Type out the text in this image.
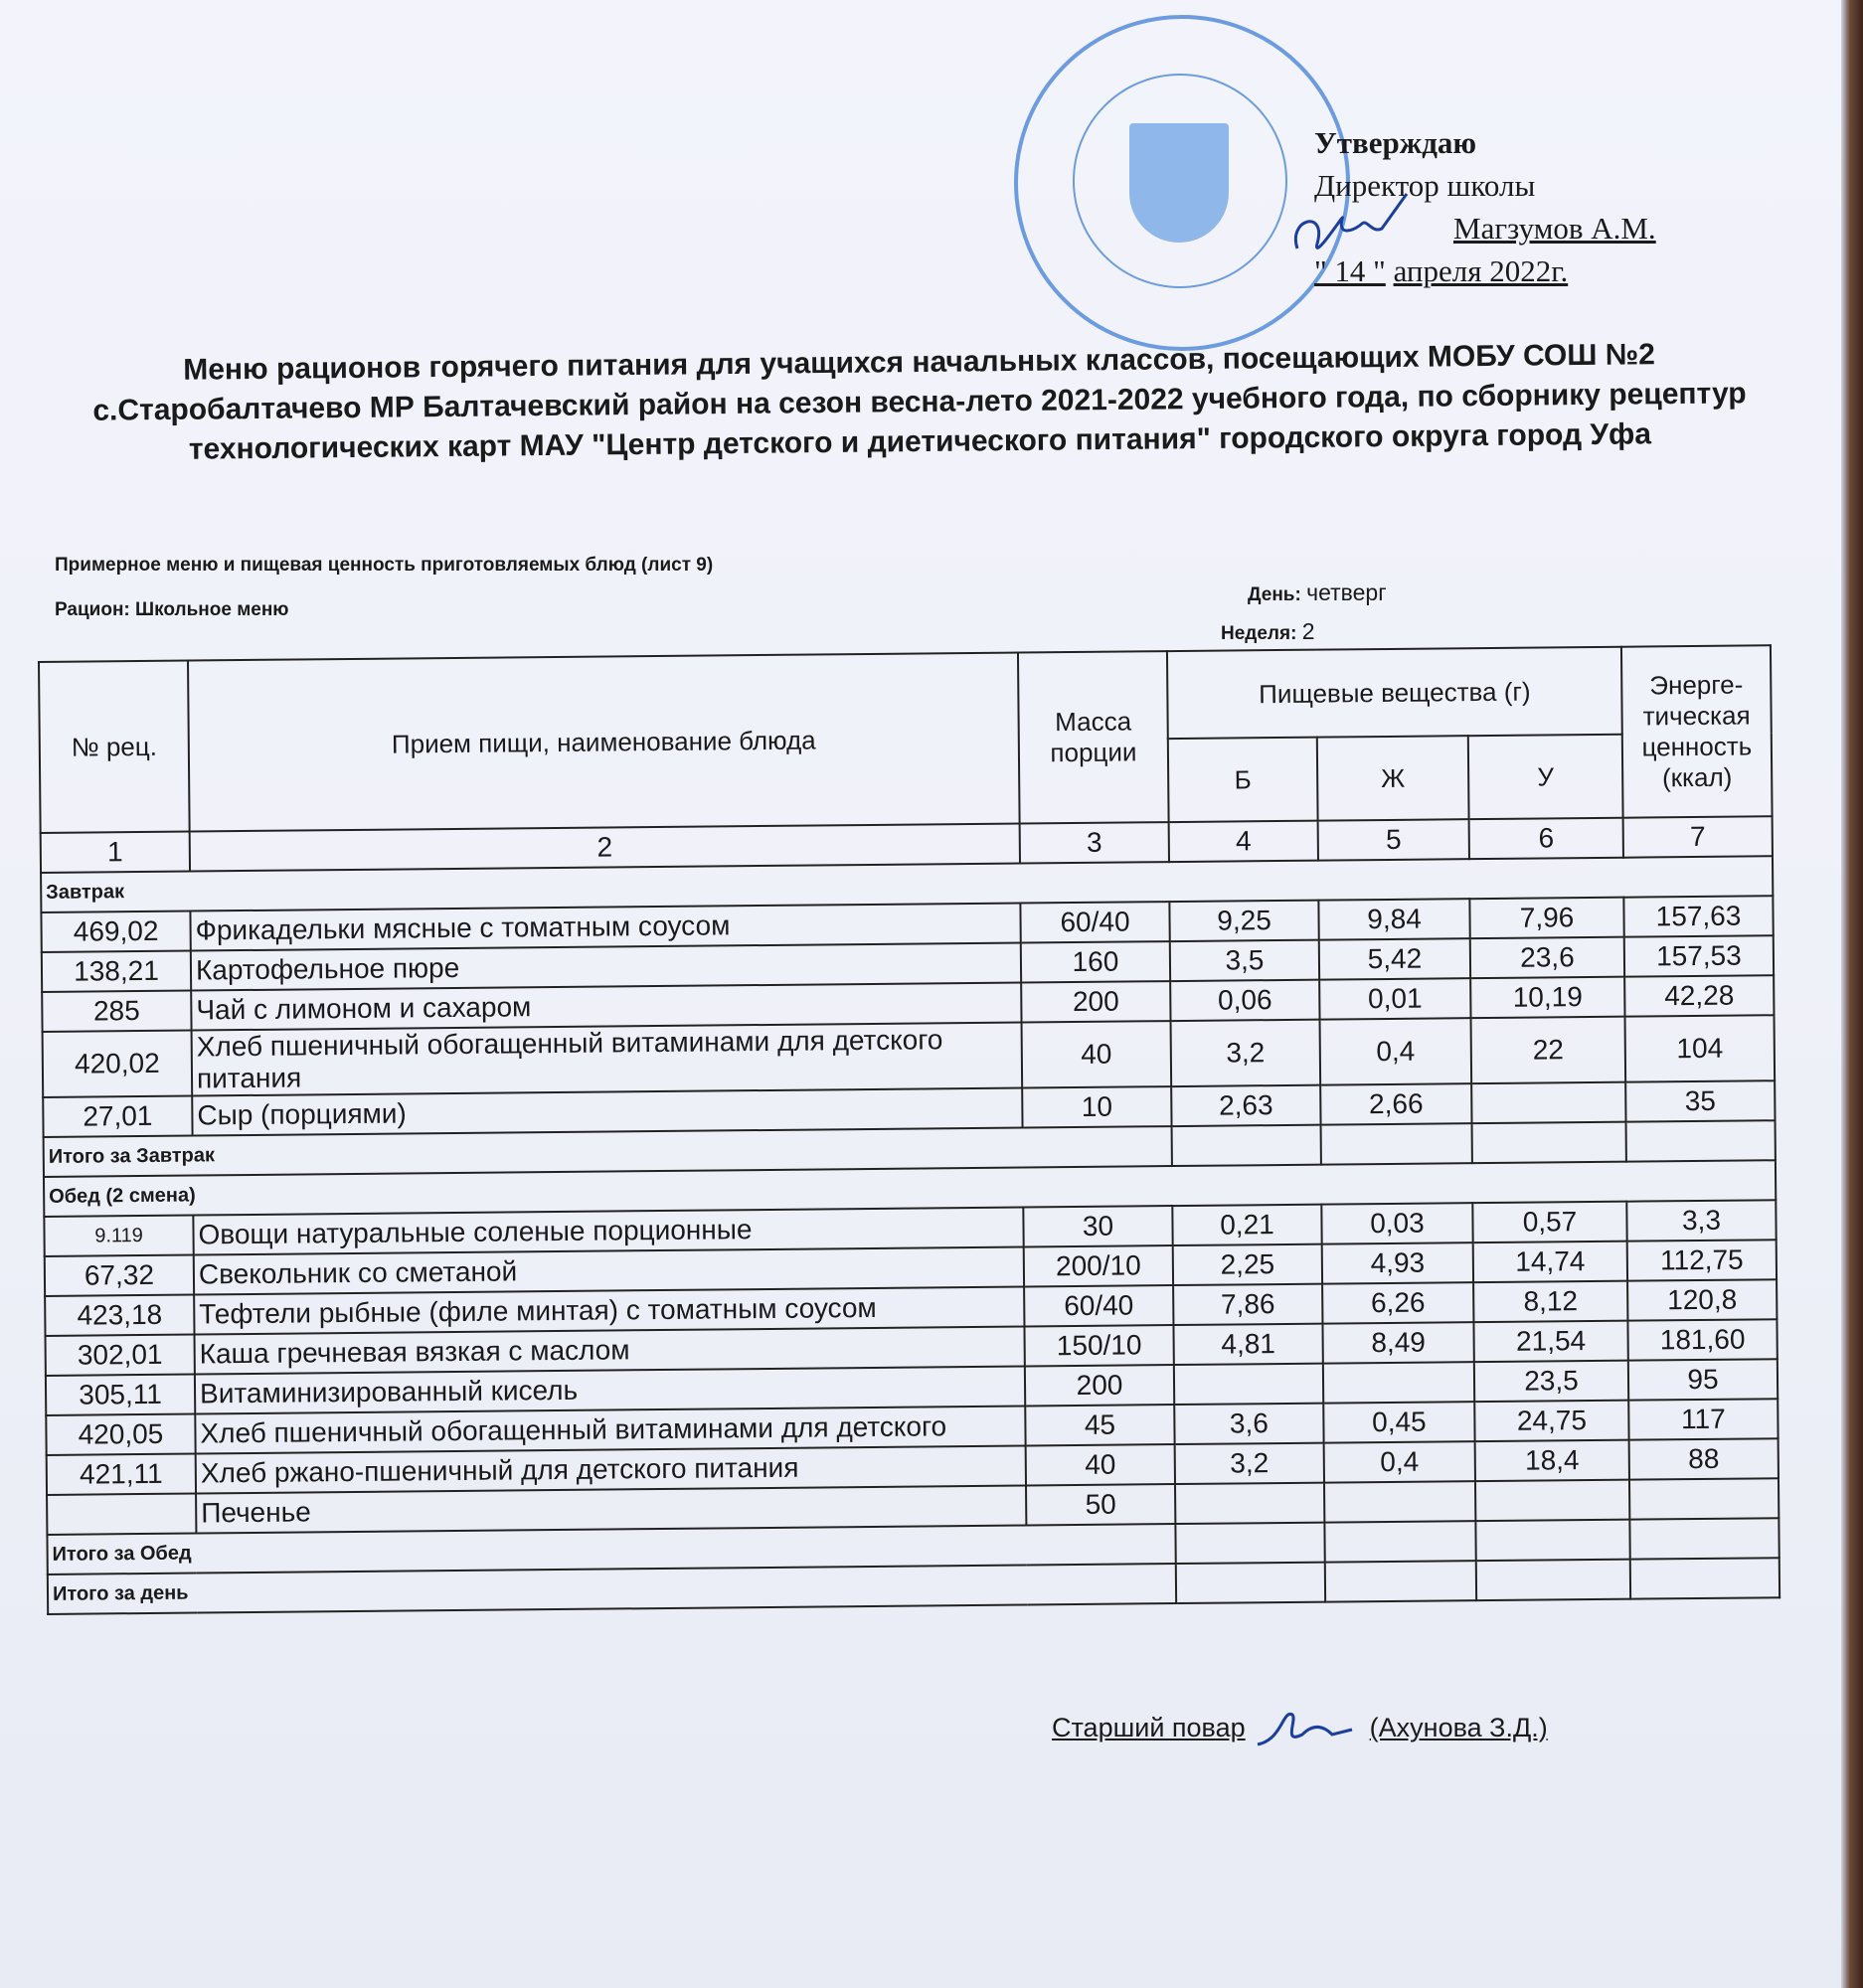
Утверждаю
Директор школы
Магзумов А.М.
" 14 " апреля 2022г.
Меню рационов горячего питания для учащихся начальных классов, посещающих МОБУ СОШ №2 с.Старобалтачево МР Балтачевский район на сезон весна-лето 2021-2022 учебного года, по сборнику рецептур технологических карт МАУ "Центр детского и диетического питания" городского округа город Уфа
Примерное меню и пищевая ценность приготовляемых блюд (лист 9)
Рацион: Школьное меню
День: четверг
Неделя: 2
№ рец.	Прием пищи, наименование блюда	Масса порции	Пищевые вещества (г)			Энерге-тическая ценность (ккал)
			Б	Ж	У	
1	2	3	4	5	6	7
Завтрак						
469,02	Фрикадельки мясные с томатным соусом	60/40	9,25	9,84	7,96	157,63
138,21	Картофельное пюре	160	3,5	5,42	23,6	157,53
285	Чай с лимоном и сахаром	200	0,06	0,01	10,19	42,28
420,02	Хлеб пшеничный обогащенный витаминами для детского питания	40	3,2	0,4	22	104
27,01	Сыр (порциями)	10	2,63	2,66		35
Итого за Завтрак						
Обед (2 смена)						
9.119	Овощи натуральные соленые порционные	30	0,21	0,03	0,57	3,3
67,32	Свекольник со сметаной	200/10	2,25	4,93	14,74	112,75
423,18	Тефтели рыбные (филе минтая) с томатным соусом	60/40	7,86	6,26	8,12	120,8
302,01	Каша гречневая вязкая с маслом	150/10	4,81	8,49	21,54	181,60
305,11	Витаминизированный кисель	200			23,5	95
420,05	Хлеб пшеничный обогащенный витаминами для детского	45	3,6	0,45	24,75	117
421,11	Хлеб ржано-пшеничный для детского питания	40	3,2	0,4	18,4	88
	Печенье	50				
Итого за Обед						
Итого за день						
Старший повар	(Ахунова З.Д.)
